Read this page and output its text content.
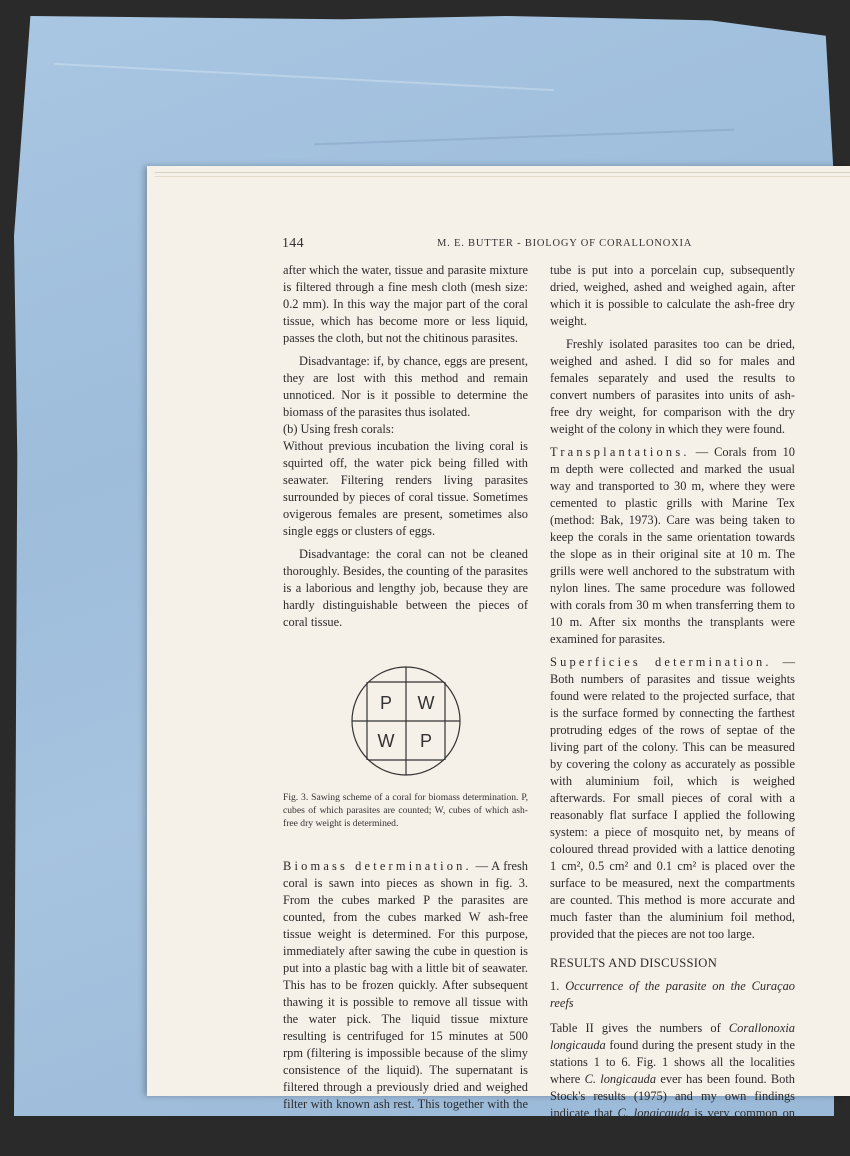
144	M. E. BUTTER - BIOLOGY OF CORALLONOXIA

after which the water, tissue and parasite mixture is filtered through a fine mesh cloth (mesh size: 0.2 mm). In this way the major part of the coral tissue, which has become more or less liquid, passes the cloth, but not the chitinous parasites.

Disadvantage: if, by chance, eggs are present, they are lost with this method and remain unnoticed. Nor is it possible to determine the biomass of the parasites thus isolated.

(b) Using fresh corals:

Without previous incubation the living coral is squirted off, the water pick being filled with seawater. Filtering renders living parasites surrounded by pieces of coral tissue. Sometimes ovigerous females are present, sometimes also single eggs or clusters of eggs.

Disadvantage: the coral can not be cleaned thoroughly. Besides, the counting of the parasites is a laborious and lengthy job, because they are hardly distinguishable between the pieces of coral tissue.

P W
W P
Fig. 3. Sawing scheme of a coral for biomass determination. P, cubes of which parasites are counted; W, cubes of which ash-free dry weight is determined.

Biomass determination. — A fresh coral is sawn into pieces as shown in fig. 3. From the cubes marked P the parasites are counted, from the cubes marked W ash-free tissue weight is determined. For this purpose, immediately after sawing the cube in question is put into a plastic bag with a little bit of seawater. This has to be frozen quickly. After subsequent thawing it is possible to remove all tissue with the water pick. The liquid tissue mixture resulting is centrifuged for 15 minutes at 500 rpm (filtering is impossible because of the slimy consistence of the liquid). The supernatant is filtered through a previously dried and weighed filter with known ash rest. This together with the deposit from the centrifuge

tube is put into a porcelain cup, subsequently dried, weighed, ashed and weighed again, after which it is possible to calculate the ash-free dry weight.

Freshly isolated parasites too can be dried, weighed and ashed. I did so for males and females separately and used the results to convert numbers of parasites into units of ash-free dry weight, for comparison with the dry weight of the colony in which they were found.

Transplantations. — Corals from 10 m depth were collected and marked the usual way and transported to 30 m, where they were cemented to plastic grills with Marine Tex (method: Bak, 1973). Care was being taken to keep the corals in the same orientation towards the slope as in their original site at 10 m. The grills were well anchored to the substratum with nylon lines. The same procedure was followed with corals from 30 m when transferring them to 10 m. After six months the transplants were examined for parasites.

Superficies determination. — Both numbers of parasites and tissue weights found were related to the projected surface, that is the surface formed by connecting the farthest protruding edges of the rows of septae of the living part of the colony. This can be measured by covering the colony as accurately as possible with aluminium foil, which is weighed afterwards. For small pieces of coral with a reasonably flat surface I applied the following system: a piece of mosquito net, by means of coloured thread provided with a lattice denoting 1 cm², 0.5 cm² and 0.1 cm² is placed over the surface to be measured, next the compartments are counted. This method is more accurate and much faster than the aluminium foil method, provided that the pieces are not too large.

RESULTS AND DISCUSSION

1. Occurrence of the parasite on the Curaçao reefs

Table II gives the numbers of Corallonoxia longicauda found during the present study in the stations 1 to 6. Fig. 1 shows all the localities where C. longicauda ever has been found. Both Stock's results (1975) and my own findings indicate that C. longicauda is very common on the entire S.W. coast. Apparently it is much rarer on the N.E.
